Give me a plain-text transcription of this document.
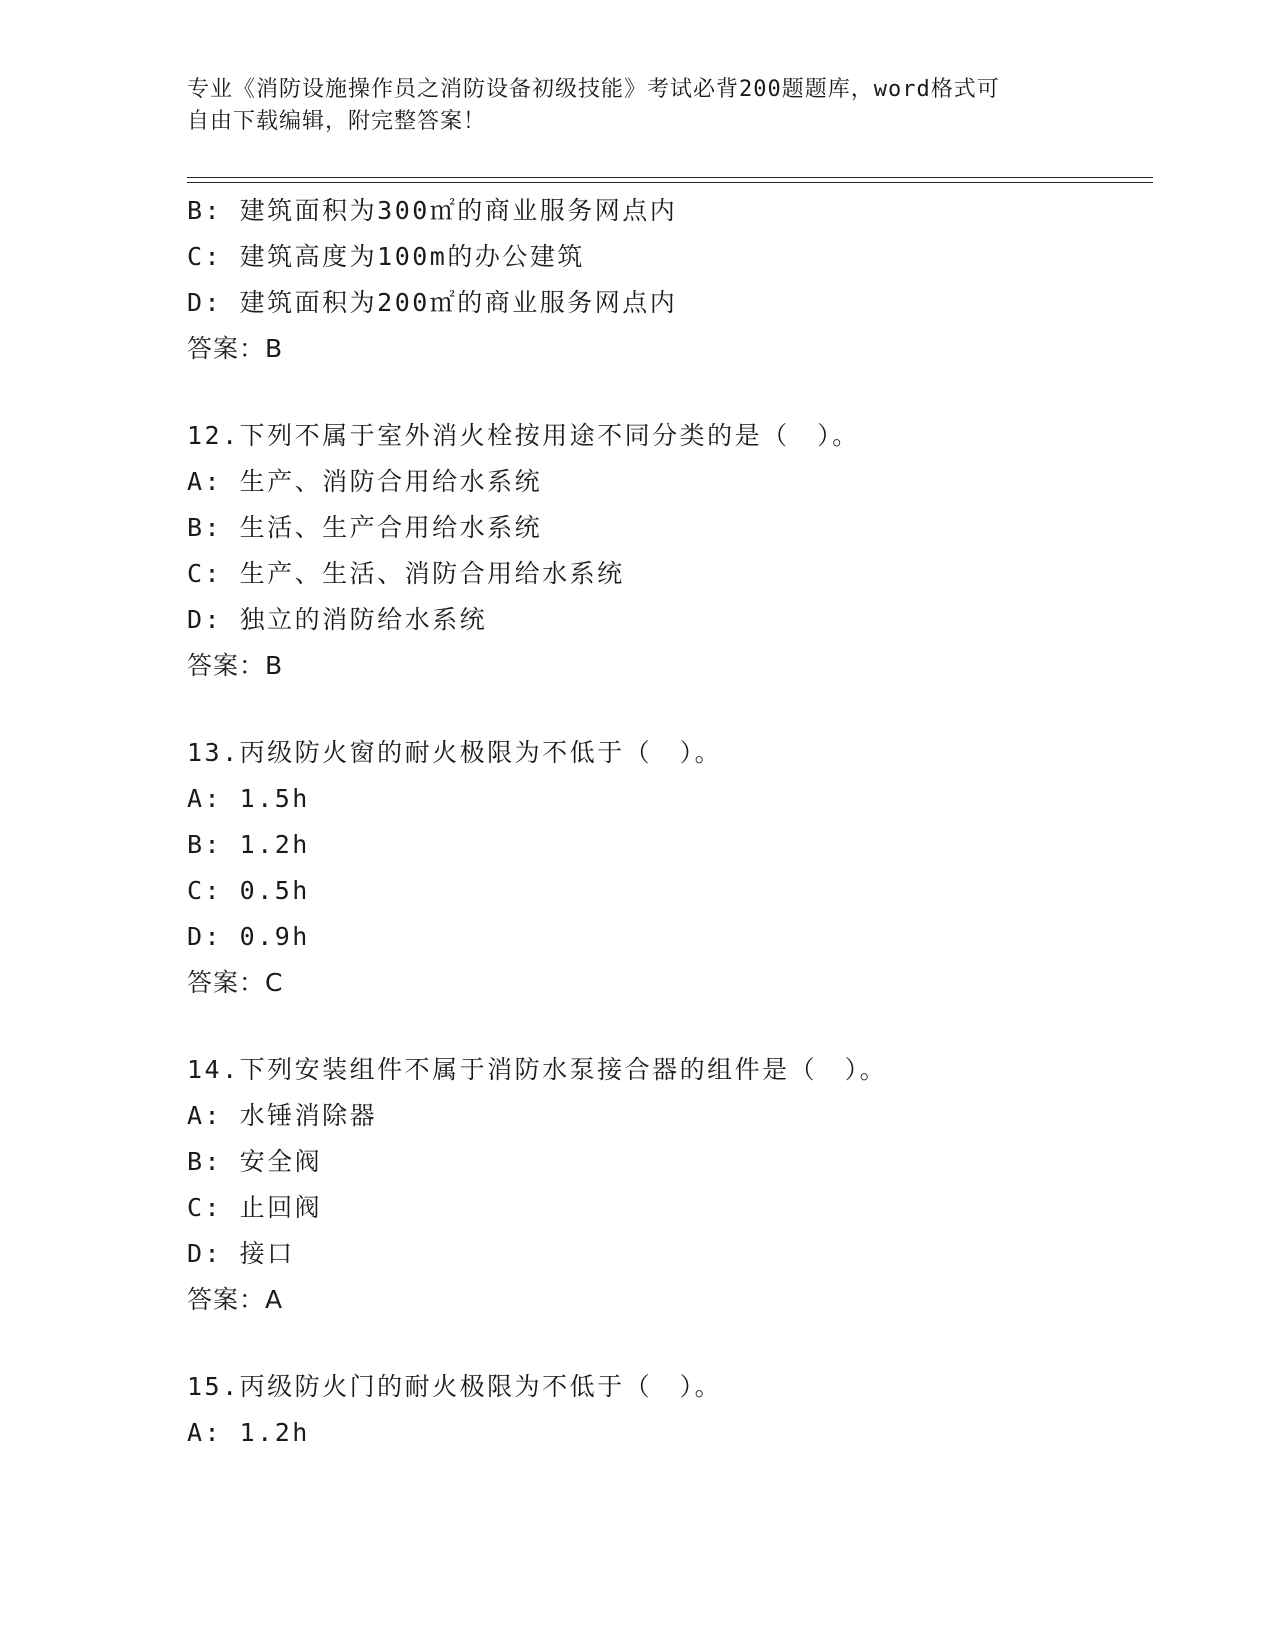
专业《消防设施操作员之消防设备初级技能》考试必背200题题库，word格式可
自由下载编辑，附完整答案！
B: 建筑面积为300㎡的商业服务网点内
C: 建筑高度为100m的办公建筑
D: 建筑面积为200㎡的商业服务网点内
答案：B
12.下列不属于室外消火栓按用途不同分类的是（　）。
A: 生产、消防合用给水系统
B: 生活、生产合用给水系统
C: 生产、生活、消防合用给水系统
D: 独立的消防给水系统
答案：B
13.丙级防火窗的耐火极限为不低于（　）。
A: 1.5h
B: 1.2h
C: 0.5h
D: 0.9h
答案：C
14.下列安装组件不属于消防水泵接合器的组件是（　）。
A: 水锤消除器
B: 安全阀
C: 止回阀
D: 接口
答案：A
15.丙级防火门的耐火极限为不低于（　）。
A: 1.2h
